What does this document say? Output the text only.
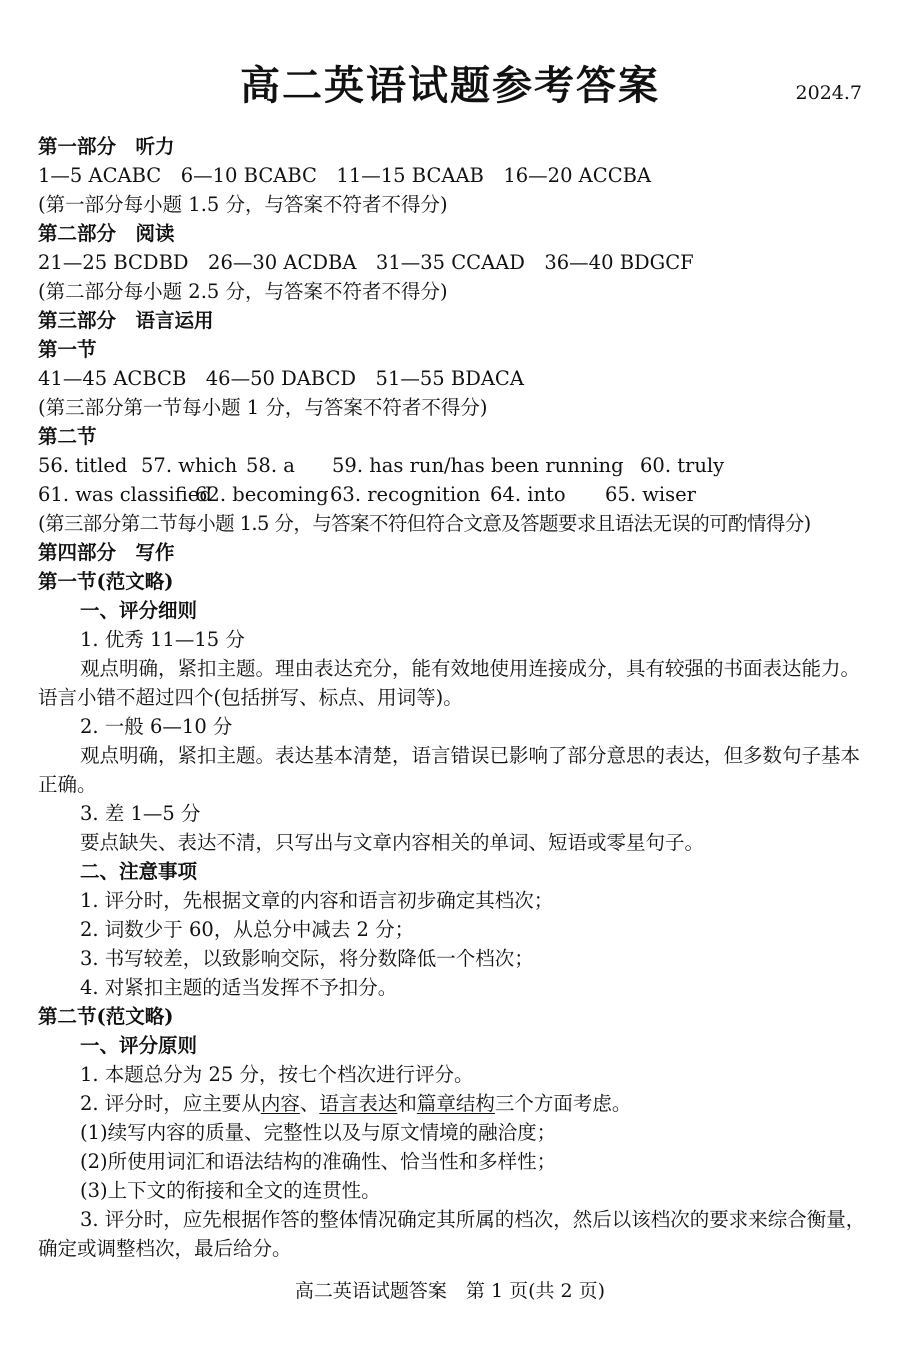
高二英语试题参考答案	2024.7
第一部分　听力
1—5 ACABC　6—10 BCABC　11—15 BCAAB　16—20 ACCBA
(第一部分每小题 1.5 分，与答案不符者不得分)
第二部分　阅读
21—25 BCDBD　26—30 ACDBA　31—35 CCAAD　36—40 BDGCF
(第二部分每小题 2.5 分，与答案不符者不得分)
第三部分　语言运用
第一节
41—45 ACBCB　46—50 DABCD　51—55 BDACA
(第三部分第一节每小题 1 分，与答案不符者不得分)
第二节
56. titled 57. which 58. a	59. has run/has been running 60. truly
61. was classified
62. becoming 63. recognition 64. into	65. wiser
(第三部分第二节每小题 1.5 分，与答案不符但符合文意及答题要求且语法无误的可酌情得分)
第四部分　写作
第一节(范文略)
一、评分细则
1. 优秀 11—15 分
观点明确，紧扣主题。理由表达充分，能有效地使用连接成分，具有较强的书面表达能力。语言小错不超过四个(包括拼写、标点、用词等)。
2. 一般 6—10 分
观点明确，紧扣主题。表达基本清楚，语言错误已影响了部分意思的表达，但多数句子基本正确。
3. 差 1—5 分
要点缺失、表达不清，只写出与文章内容相关的单词、短语或零星句子。
二、注意事项
1. 评分时，先根据文章的内容和语言初步确定其档次；
2. 词数少于 60，从总分中减去 2 分；
3. 书写较差，以致影响交际，将分数降低一个档次；
4. 对紧扣主题的适当发挥不予扣分。
第二节(范文略)
一、评分原则
1. 本题总分为 25 分，按七个档次进行评分。
2. 评分时，应主要从内容、语言表达和篇章结构三个方面考虑。
(1)续写内容的质量、完整性以及与原文情境的融洽度；
(2)所使用词汇和语法结构的准确性、恰当性和多样性；
(3)上下文的衔接和全文的连贯性。
3. 评分时，应先根据作答的整体情况确定其所属的档次，然后以该档次的要求来综合衡量，确定或调整档次，最后给分。
高二英语试题答案　第 1 页(共 2 页)
